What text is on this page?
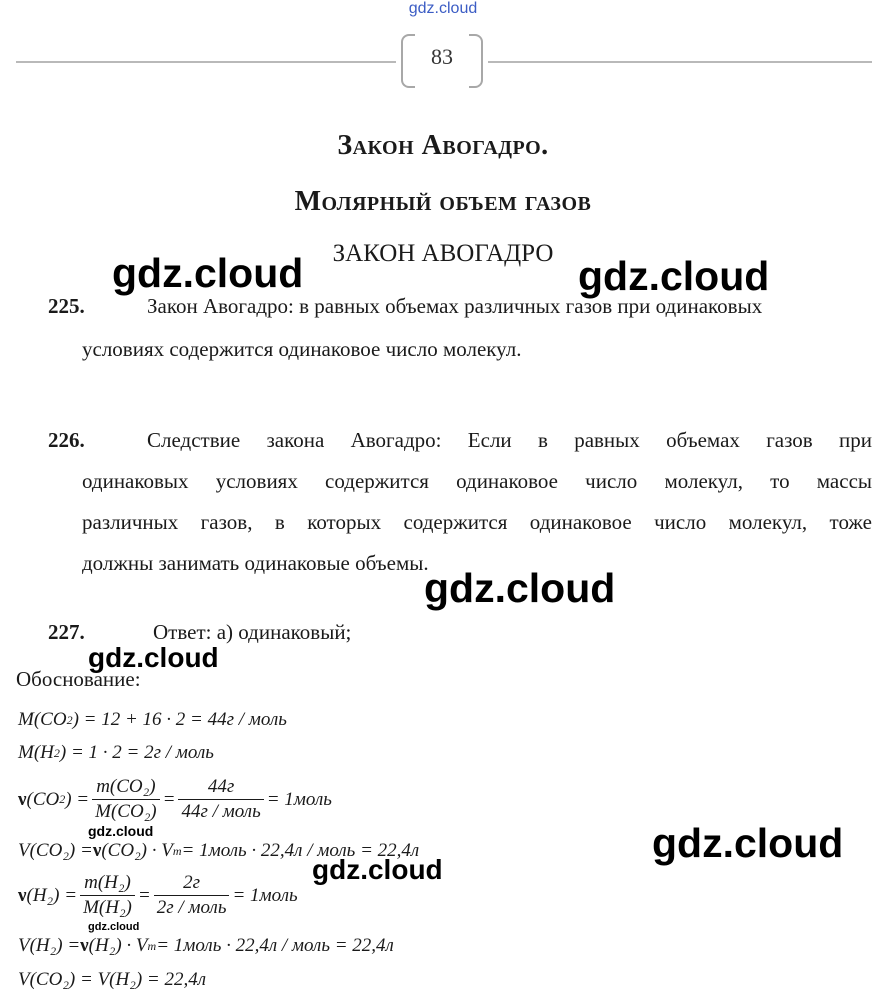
gdz.cloud
83
Закон Авогадро.
Молярный объем газов
ЗАКОН АВОГАДРО
225.	Закон Авогадро: в равных объемах различных газов при одинаковых
условиях содержится одинаковое число молекул.
226.	Следствие закона Авогадро: Если в равных объемах газов при
одинаковых условиях содержится одинаковое число молекул, то массы
различных газов, в которых содержится одинаковое число молекул, тоже
должны занимать одинаковые объемы.
227.	Ответ: а) одинаковый;
Обоснование:
M(CO 2 ) = 12 + 16 · 2 = 44г / моль
M(H 2 ) = 1 · 2 = 2г / моль
ν (CO 2 ) = $\frac{\text{m(CO₂)}}{\text{M(CO₂)}} = \frac{44г}{\text{44г / моль}}$ = 1моль
V(CO₂) = ν (CO₂) · V m = 1моль · 22,4л / моль = 22,4л
ν $(H_2) = \frac{\text{m(H₂)}}{\text{M(H₂)}} = \frac{2г}{\text{2г / моль}}$ = 1моль
V(H₂) = ν (H₂) · V m = 1моль · 22,4л / моль = 22,4л
V(CO₂) = V(H₂) = 22,4л
gdz.cloud	gdz.cloud
gdz.cloud
gdz.cloud
gdz.cloud	gdz.cloud
gdz.cloud
gdz.cloud
